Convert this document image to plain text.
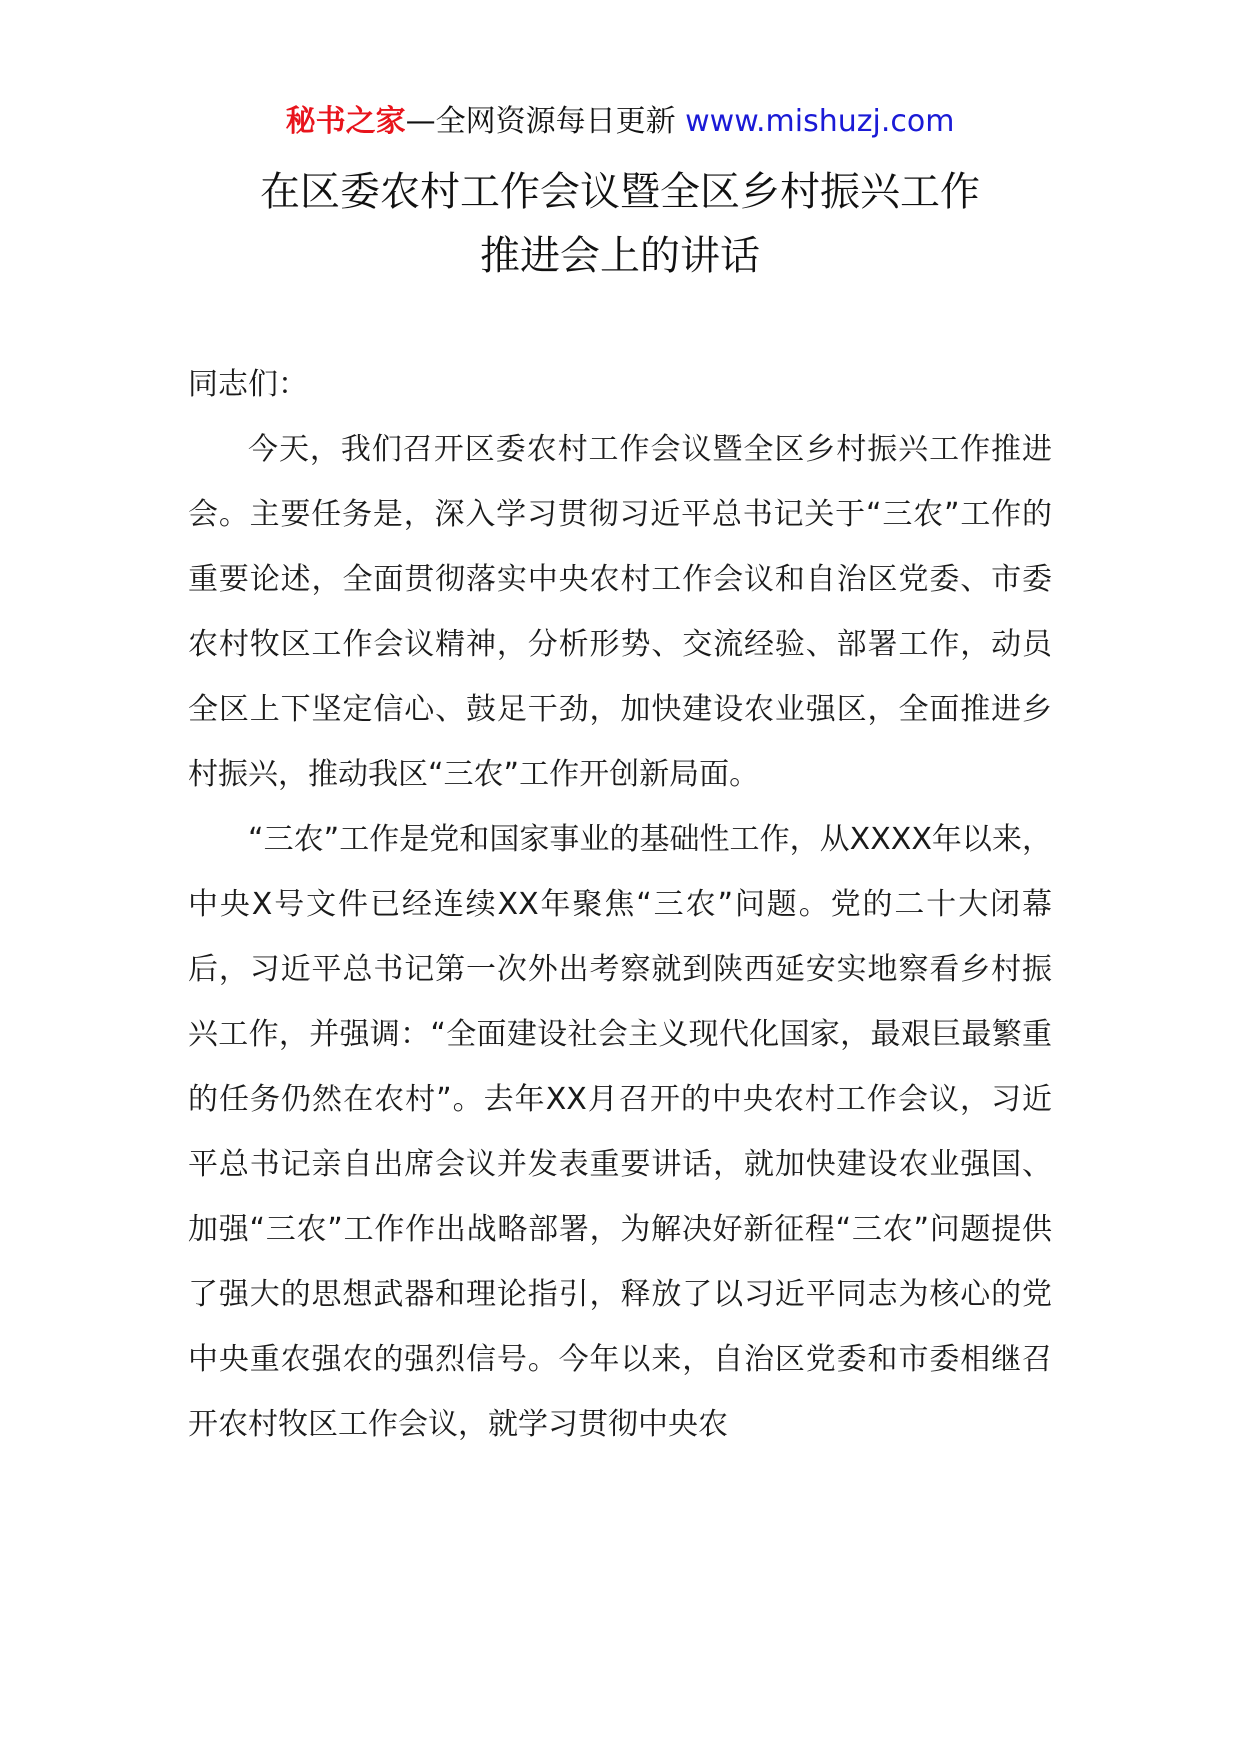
秘书之家—全网资源每日更新 www.mishuzj.com
在区委农村工作会议暨全区乡村振兴工作
推进会上的讲话

同志们：

今天，我们召开区委农村工作会议暨全区乡村振兴工作推进会。主要任务是，深入学习贯彻习近平总书记关于“三农”工作的重要论述，全面贯彻落实中央农村工作会议和自治区党委、市委农村牧区工作会议精神，分析形势、交流经验、部署工作，动员全区上下坚定信心、鼓足干劲，加快建设农业强区，全面推进乡村振兴，推动我区“三农”工作开创新局面。

“三农”工作是党和国家事业的基础性工作，从XXXX年以来，中央X号文件已经连续XX年聚焦“三农”问题。党的二十大闭幕后，习近平总书记第一次外出考察就到陕西延安实地察看乡村振兴工作，并强调：“全面建设社会主义现代化国家，最艰巨最繁重的任务仍然在农村”。去年XX月召开的中央农村工作会议，习近平总书记亲自出席会议并发表重要讲话，就加快建设农业强国、加强“三农”工作作出战略部署，为解决好新征程“三农”问题提供了强大的思想武器和理论指引，释放了以习近平同志为核心的党中央重农强农的强烈信号。今年以来，自治区党委和市委相继召开农村牧区工作会议，就学习贯彻中央农
